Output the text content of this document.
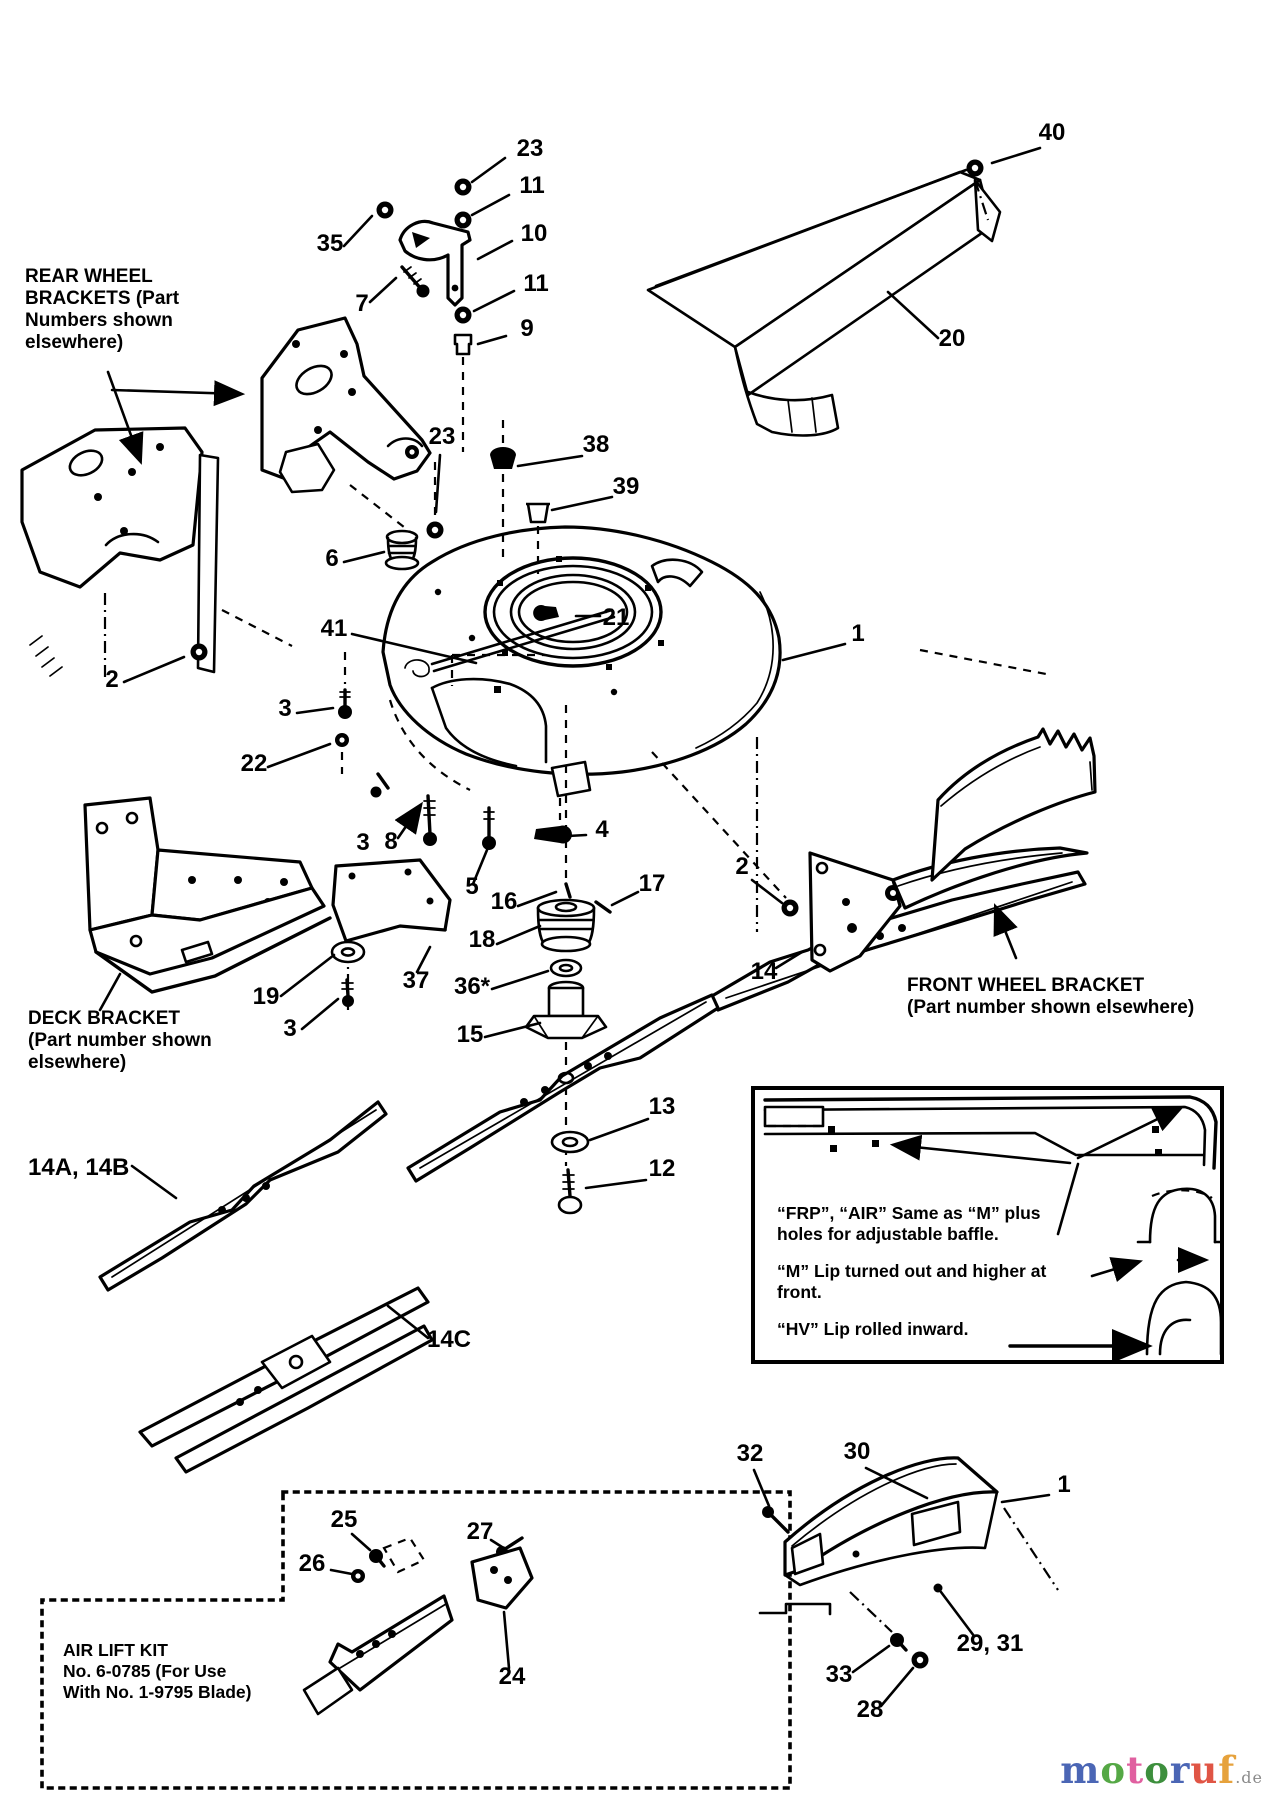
23
11
10
11
9
35
7
40
20
23	38
39
6
41	21
1
2
3
22
3 8
5
4
16
17
18
36*
15
37
19
3
14
13
12
2
14A, 14B
14C
25
26
27
24
32	30
1
29, 31
33
28
REAR WHEEL
BRACKETS (Part
Numbers shown
elsewhere)
DECK BRACKET
(Part number shown
elsewhere)
FRONT WHEEL BRACKET
(Part number shown elsewhere)
AIR LIFT KIT
No. 6-0785 (For Use
With No. 1-9795 Blade)
“FRP”, “AIR” Same as “M” plus
holes for adjustable baffle.
“M” Lip turned out and higher at
front.
“HV” Lip rolled inward.
motoruf.de
